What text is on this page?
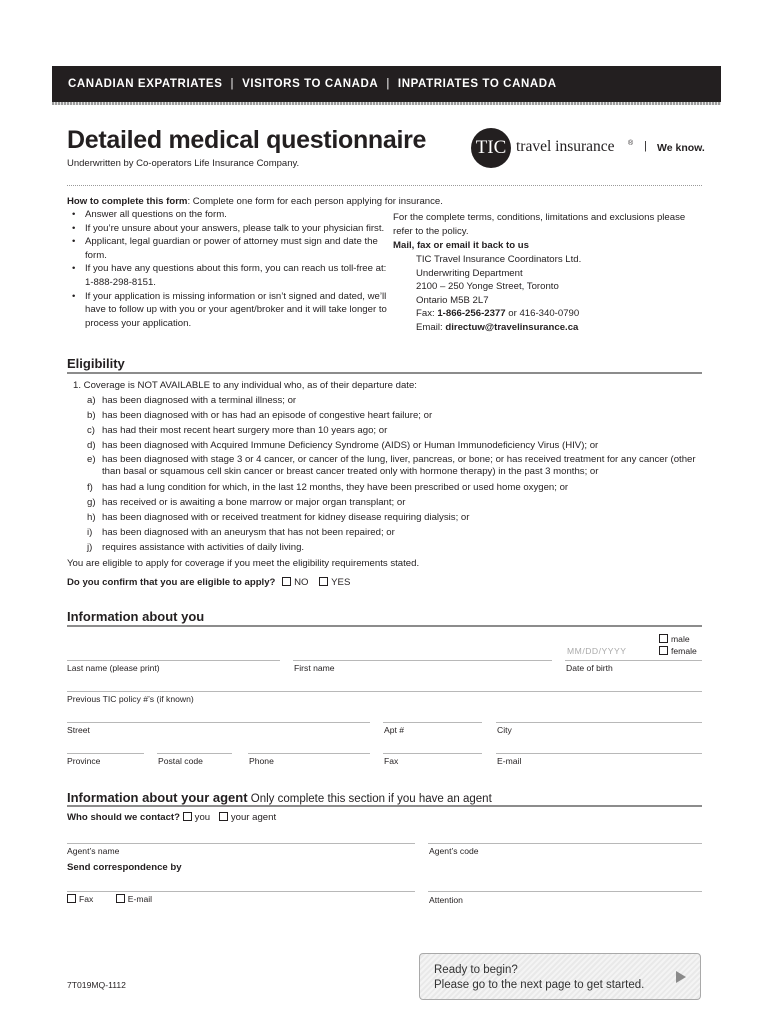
CANADIAN EXPATRIATES | VISITORS TO CANADA | INPATRIATES TO CANADA
Detailed medical questionnaire
Underwritten by Co-operators Life Insurance Company.
TIC travel insurance ® | We know.
How to complete this form: Complete one form for each person applying for insurance.
• Answer all questions on the form.
• If you’re unsure about your answers, please talk to your physician first.
• Applicant, legal guardian or power of attorney must sign and date the form.
• If you have any questions about this form, you can reach us toll-free at: 1-888-298-8151.
• If your application is missing information or isn’t signed and dated, we’ll have to follow up with you or your agent/broker and it will take longer to process your application.
For the complete terms, conditions, limitations and exclusions please refer to the policy.
Mail, fax or email it back to us
TIC Travel Insurance Coordinators Ltd.
Underwriting Department
2100 – 250 Yonge Street, Toronto
Ontario M5B 2L7
Fax: 1-866-256-2377 or 416-340-0790
Email: directuw@travelinsurance.ca
Eligibility
1. Coverage is NOT AVAILABLE to any individual who, as of their departure date:
a) has been diagnosed with a terminal illness; or
b) has been diagnosed with or has had an episode of congestive heart failure; or
c) has had their most recent heart surgery more than 10 years ago; or
d) has been diagnosed with Acquired Immune Deficiency Syndrome (AIDS) or Human Immunodeficiency Virus (HIV); or
e) has been diagnosed with stage 3 or 4 cancer, or cancer of the lung, liver, pancreas, or bone; or has received treatment for any cancer (other than basal or squamous cell skin cancer or breast cancer treated only with hormone therapy) in the past 3 months; or
f) has had a lung condition for which, in the last 12 months, they have been prescribed or used home oxygen; or
g) has received or is awaiting a bone marrow or major organ transplant; or
h) has been diagnosed with or received treatment for kidney disease requiring dialysis; or
i) has been diagnosed with an aneurysm that has not been repaired; or
j) requires assistance with activities of daily living.
You are eligible to apply for coverage if you meet the eligibility requirements stated.
Do you confirm that you are eligible to apply? NO YES
Information about you
male
female
MM/DD/YYYY
Last name (please print)	First name	Date of birth
Previous TIC policy #’s (if known)
Street	Apt #	City
Province	Postal code	Phone	Fax	E-mail
Information about your agent Only complete this section if you have an agent
Who should we contact? you your agent
Agent’s name	Agent’s code
Send correspondence by
Fax	E-mail	Attention
7T019MQ-1112
Ready to begin?
Please go to the next page to get started.
